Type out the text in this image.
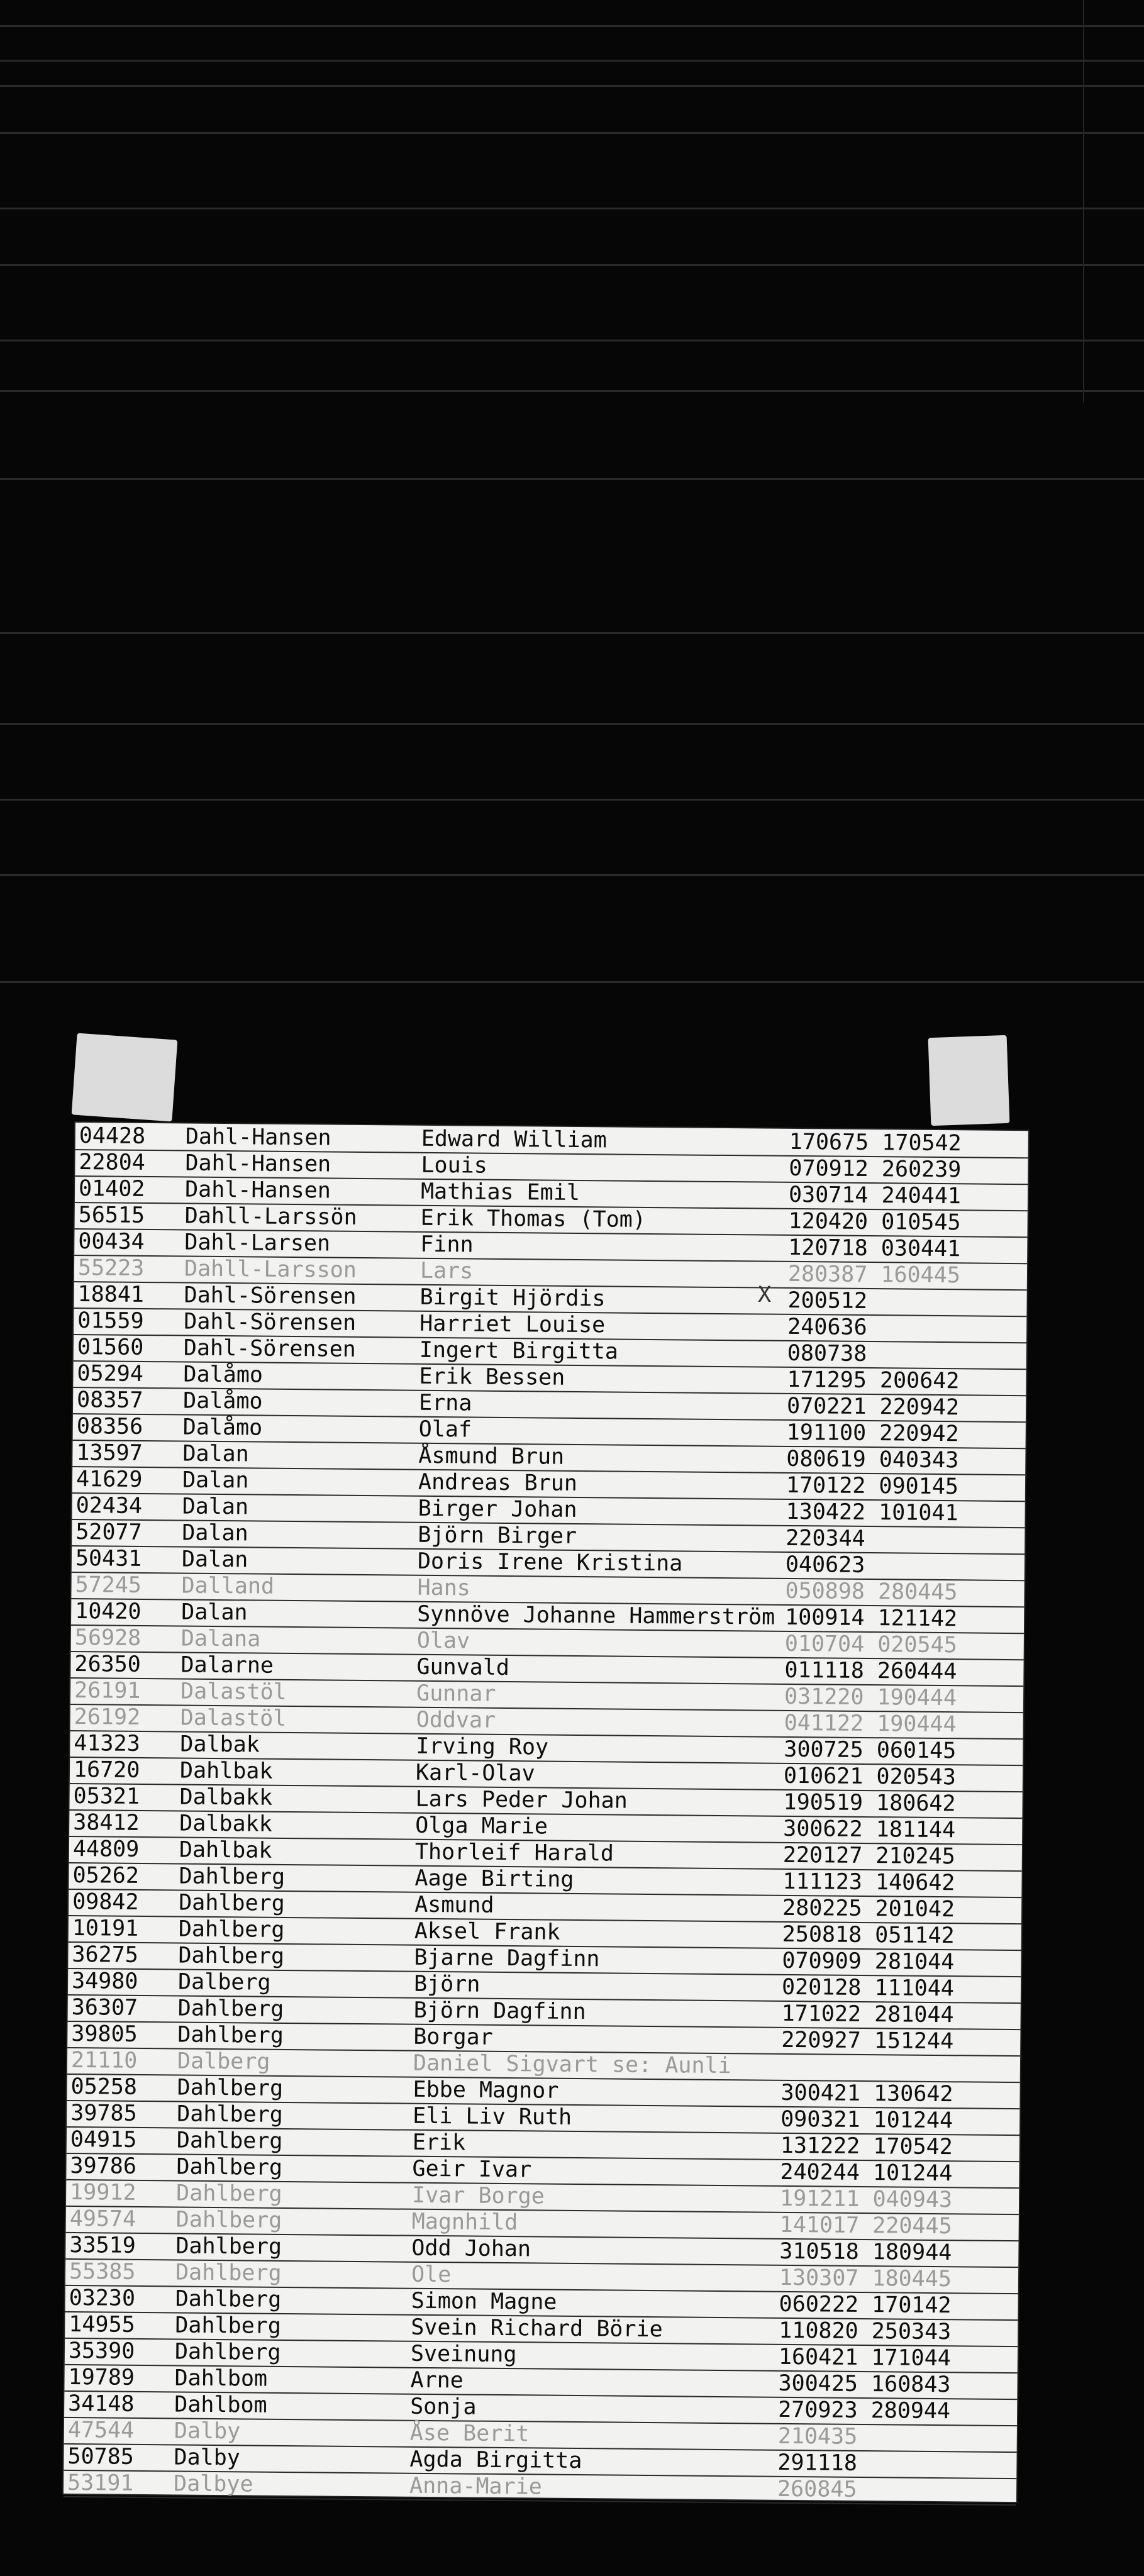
04428 Dahl-Hansen	Edward William	170675 170542
22804 Dahl-Hansen	Louis	070912 260239
01402 Dahl-Hansen	Mathias Emil	030714 240441
56515 Dahll-Larssön	Erik Thomas (Tom)	120420 010545
00434 Dahl-Larsen	Finn	120718 030441
55223 Dahll-Larsson	Lars	280387 160445
18841 Dahl-Sörensen	Birgit Hjördis	200512
01559 Dahl-Sörensen	Harriet Louise	240636
01560 Dahl-Sörensen	Ingert Birgitta	080738
05294 Dalåmo	Erik Bessen	171295 200642
08357 Dalåmo	Erna	070221 220942
08356 Dalåmo	Olaf	191100 220942
13597 Dalan	Åsmund Brun	080619 040343
41629 Dalan	Andreas Brun	170122 090145
02434 Dalan	Birger Johan	130422 101041
52077 Dalan	Björn Birger	220344
50431 Dalan	Doris Irene Kristina	040623
57245 Dalland	Hans	050898 280445
10420 Dalan	Synnöve Johanne Hammerström 100914 121142
56928 Dalana	Olav	010704 020545
26350 Dalarne	Gunvald	011118 260444
26191 Dalastöl	Gunnar	031220 190444
26192 Dalastöl	Oddvar	041122 190444
41323 Dalbak	Irving Roy	300725 060145
16720 Dahlbak	Karl-Olav	010621 020543
05321 Dalbakk	Lars Peder Johan	190519 180642
38412 Dalbakk	Olga Marie	300622 181144
44809 Dahlbak	Thorleif Harald	220127 210245
05262 Dahlberg	Aage Birting	111123 140642
09842 Dahlberg	Asmund	280225 201042
10191 Dahlberg	Aksel Frank	250818 051142
36275 Dahlberg	Bjarne Dagfinn	070909 281044
34980 Dalberg	Björn	020128 111044
36307 Dahlberg	Björn Dagfinn	171022 281044
39805 Dahlberg	Borgar	220927 151244
21110 Dalberg	Daniel Sigvart se: Aunli
05258 Dahlberg	Ebbe Magnor	300421 130642
39785 Dahlberg	Eli Liv Ruth	090321 101244
04915 Dahlberg	Erik	131222 170542
39786 Dahlberg	Geir Ivar	240244 101244
19912 Dahlberg	Ivar Borge	191211 040943
49574 Dahlberg	Magnhild	141017 220445
33519 Dahlberg	Odd Johan	310518 180944
55385 Dahlberg	Ole	130307 180445
03230 Dahlberg	Simon Magne	060222 170142
14955 Dahlberg	Svein Richard Börie	110820 250343
35390 Dahlberg	Sveinung	160421 171044
19789 Dahlbom	Arne	300425 160843
34148 Dahlbom	Sonja	270923 280944
47544 Dalby	Åse Berit	210435
50785 Dalby	Agda Birgitta	291118
53191 Dalbye	Anna-Marie	260845
X
